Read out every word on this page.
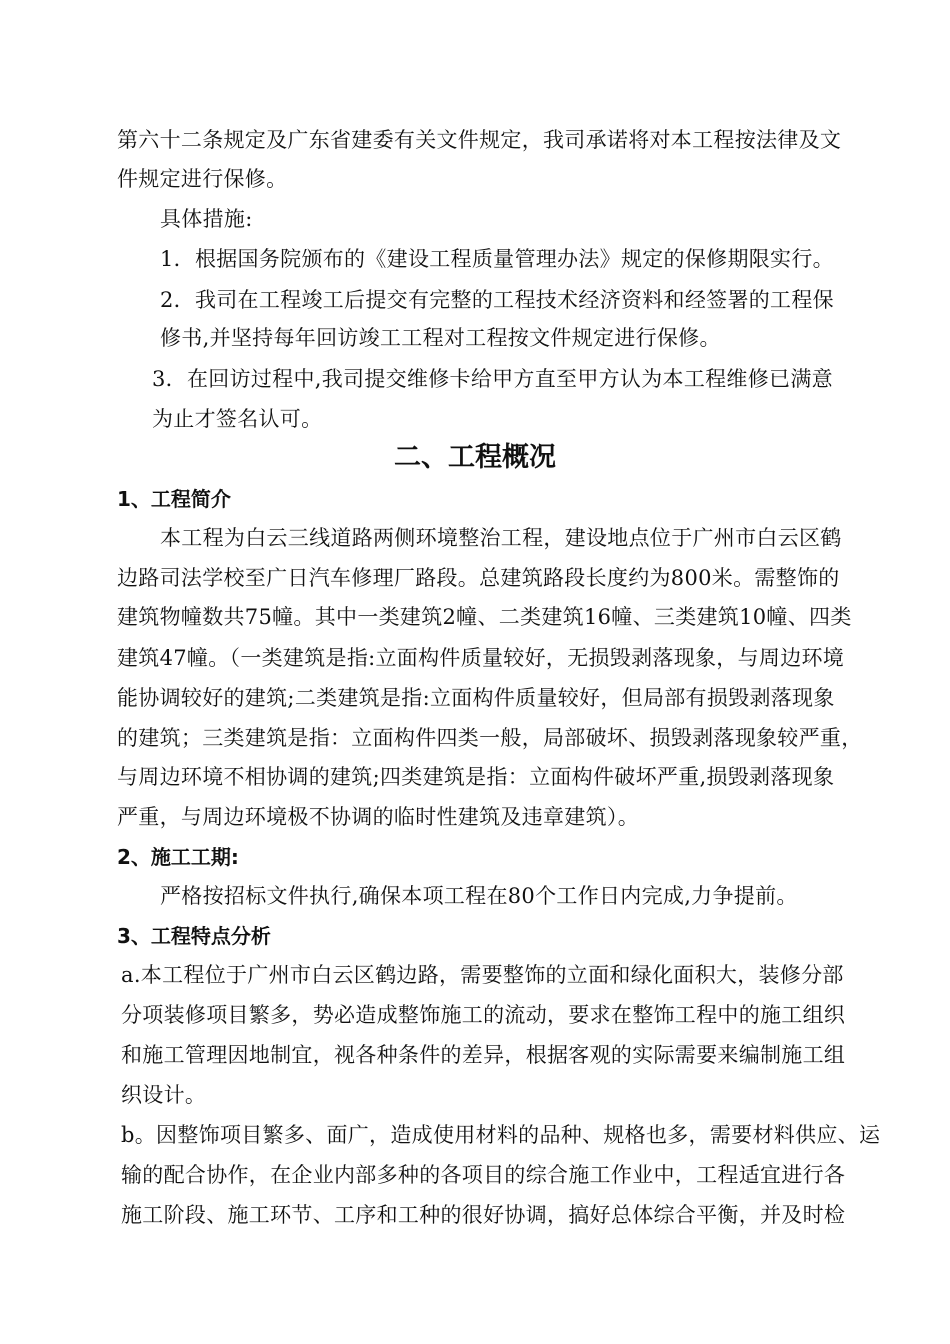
第六十二条规定及广东省建委有关文件规定，我司承诺将对本工程按法律及文
件规定进行保修。
具体措施:
1．根据国务院颁布的《建设工程质量管理办法》规定的保修期限实行。
2．我司在工程竣工后提交有完整的工程技术经济资料和经签署的工程保
修书,并坚持每年回访竣工工程对工程按文件规定进行保修。
3．在回访过程中,我司提交维修卡给甲方直至甲方认为本工程维修已满意
为止才签名认可。
二、工程概况
1、工程简介
本工程为白云三线道路两侧环境整治工程，建设地点位于广州市白云区鹤
边路司法学校至广日汽车修理厂路段。总建筑路段长度约为800米。需整饰的
建筑物幢数共75幢。其中一类建筑2幢、二类建筑16幢、三类建筑10幢、四类
建筑47幢。（一类建筑是指:立面构件质量较好，无损毁剥落现象，与周边环境
能协调较好的建筑;二类建筑是指:立面构件质量较好，但局部有损毁剥落现象
的建筑；三类建筑是指：立面构件四类一般，局部破坏、损毁剥落现象较严重，
与周边环境不相协调的建筑;四类建筑是指：立面构件破坏严重,损毁剥落现象
严重，与周边环境极不协调的临时性建筑及违章建筑）。
2、施工工期:
严格按招标文件执行,确保本项工程在80个工作日内完成,力争提前。
3、工程特点分析
a.本工程位于广州市白云区鹤边路，需要整饰的立面和绿化面积大，装修分部
分项装修项目繁多，势必造成整饰施工的流动，要求在整饰工程中的施工组织
和施工管理因地制宜，视各种条件的差异，根据客观的实际需要来编制施工组
织设计。
b。因整饰项目繁多、面广，造成使用材料的品种、规格也多，需要材料供应、运
输的配合协作，在企业内部多种的各项目的综合施工作业中，工程适宜进行各
施工阶段、施工环节、工序和工种的很好协调，搞好总体综合平衡，并及时检
